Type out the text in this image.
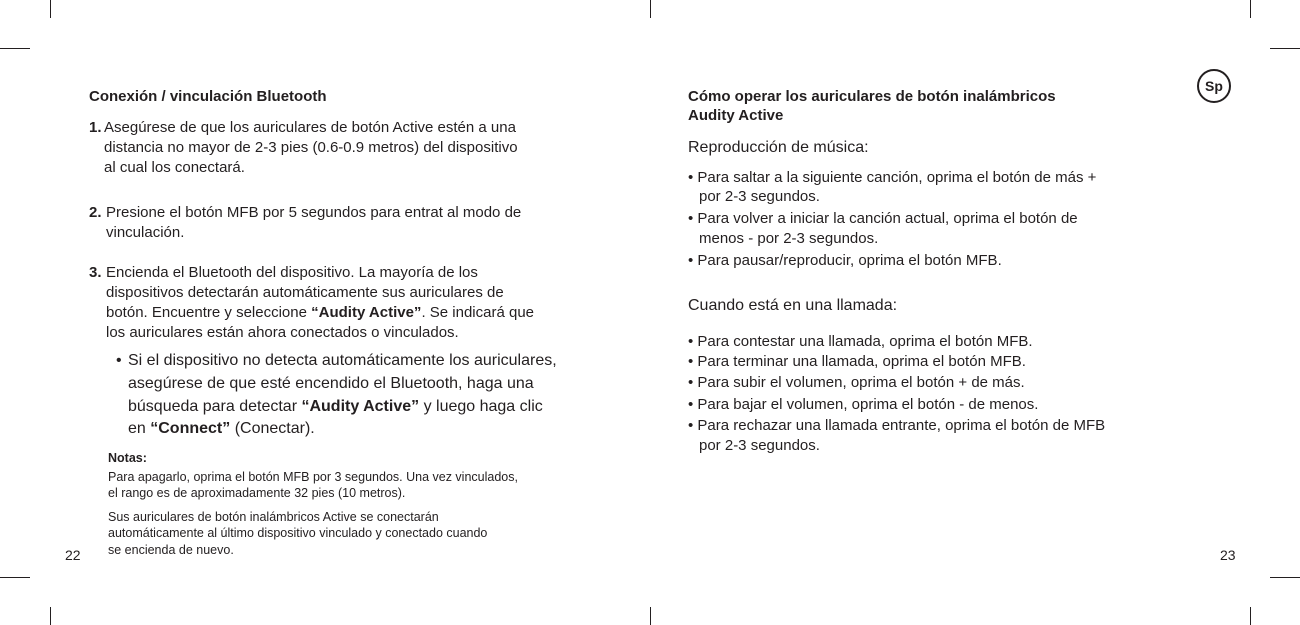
Conexión / vinculación Bluetooth
1. Asegúrese de que los auriculares de botón Active estén a una
distancia no mayor de 2-3 pies (0.6-0.9 metros) del dispositivo
al cual los conectará.
2. Presione el botón MFB por 5 segundos para entrat al modo de
vinculación.
3. Encienda el Bluetooth del dispositivo. La mayoría de los
dispositivos detectarán automáticamente sus auriculares de
botón. Encuentre y seleccione “Audity Active”. Se indicará que
los auriculares están ahora conectados o vinculados.
• Si el dispositivo no detecta automáticamente los auriculares,
asegúrese de que esté encendido el Bluetooth, haga una
búsqueda para detectar “Audity Active” y luego haga clic
en “Connect” (Conectar).
Notas:
Para apagarlo, oprima el botón MFB por 3 segundos. Una vez vinculados,
el rango es de aproximadamente 32 pies (10 metros).
Sus auriculares de botón inalámbricos Active se conectarán
automáticamente al último dispositivo vinculado y conectado cuando
se encienda de nuevo.
22
Sp
Cómo operar los auriculares de botón inalámbricos
Audity Active
Reproducción de música:
• Para saltar a la siguiente canción, oprima el botón de más +
por 2-3 segundos.
• Para volver a iniciar la canción actual, oprima el botón de
menos - por 2-3 segundos.
• Para pausar/reproducir, oprima el botón MFB.
Cuando está en una llamada:
• Para contestar una llamada, oprima el botón MFB.
• Para terminar una llamada, oprima el botón MFB.
• Para subir el volumen, oprima el botón + de más.
• Para bajar el volumen, oprima el botón - de menos.
• Para rechazar una llamada entrante, oprima el botón de MFB
por 2-3 segundos.
23
